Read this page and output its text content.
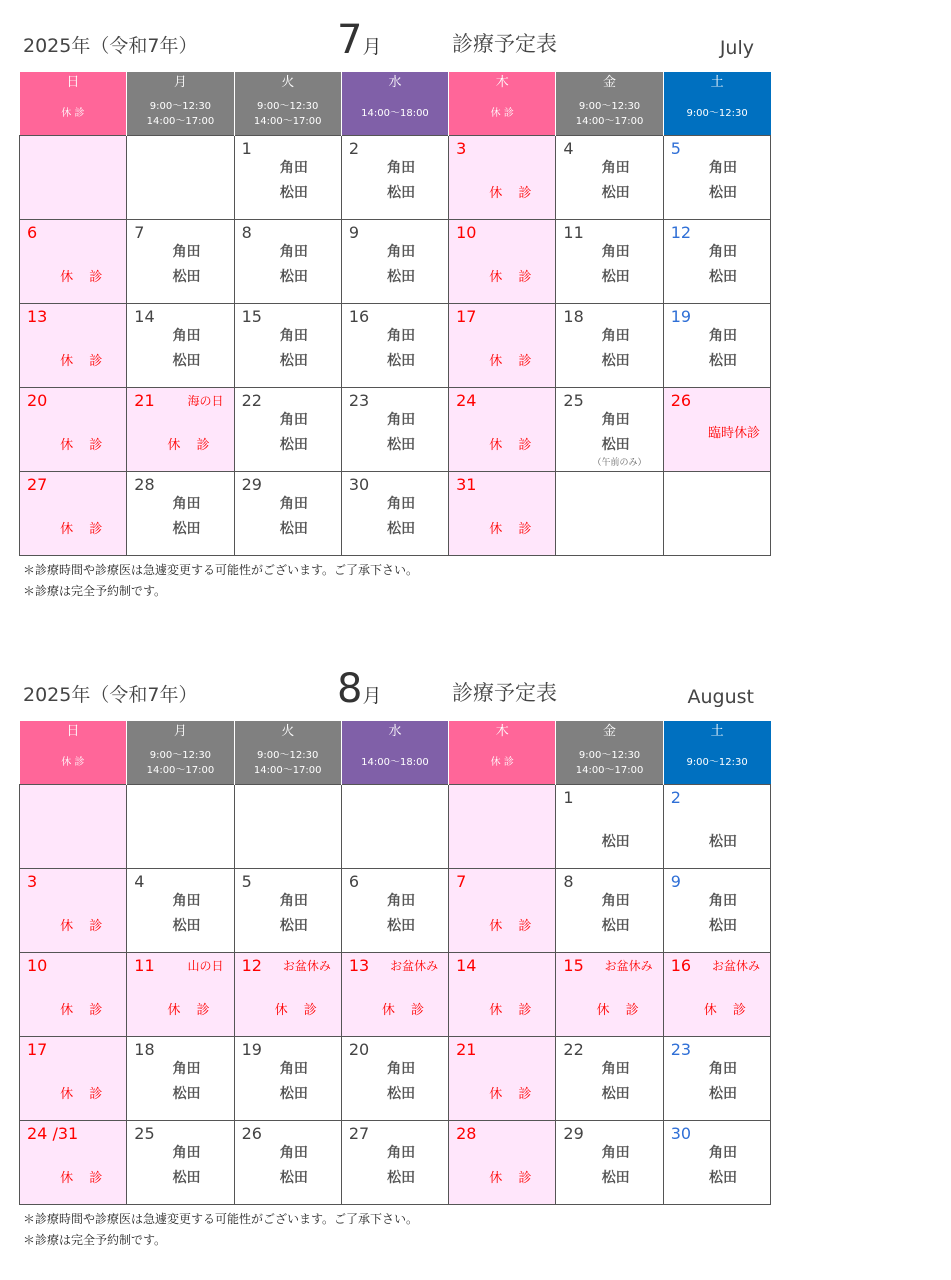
2025年（令和7年）	7月	診療予定表	July
日
休 診	月
9:00～12:30
14:00～17:00	火
9:00～12:30
14:00～17:00	水
14:00～18:00	木
休 診	金
9:00～12:30
14:00～17:00	土
9:00～12:30

		1
角田
松田	2
角田
松田	3
休 診	4
角田
松田	5
角田
松田

6
休 診	7
角田
松田	8
角田
松田	9
角田
松田	10
休 診	11
角田
松田	12
角田
松田

13
休 診	14
角田
松田	15
角田
松田	16
角田
松田	17
休 診	18
角田
松田	19
角田
松田

20
休 診	21 海の日
休 診	22
角田
松田	23
角田
松田	24
休 診	25
角田
松田
（午前のみ）	26
臨時休診

27
休 診	28
角田
松田	29
角田
松田	30
角田
松田	31
休 診		

＊診療時間や診療医は急遽変更する可能性がございます。ご了承下さい。
＊診療は完全予約制です。
2025年（令和7年）	8月	診療予定表	August
日
休 診	月
9:00～12:30
14:00～17:00	火
9:00～12:30
14:00～17:00	水
14:00～18:00	木
休 診	金
9:00～12:30
14:00～17:00	土
9:00～12:30

					1
松田	2
松田

3
休 診	4
角田
松田	5
角田
松田	6
角田
松田	7
休 診	8
角田
松田	9
角田
松田

10
休 診	11 山の日
休 診	12 お盆休み
休 診	13 お盆休み
休 診	14
休 診	15 お盆休み
休 診	16 お盆休み
休 診

17
休 診	18
角田
松田	19
角田
松田	20
角田
松田	21
休 診	22
角田
松田	23
角田
松田

24 /31
休 診	25
角田
松田	26
角田
松田	27
角田
松田	28
休 診	29
角田
松田	30
角田
松田
＊診療時間や診療医は急遽変更する可能性がございます。ご了承下さい。
＊診療は完全予約制です。
